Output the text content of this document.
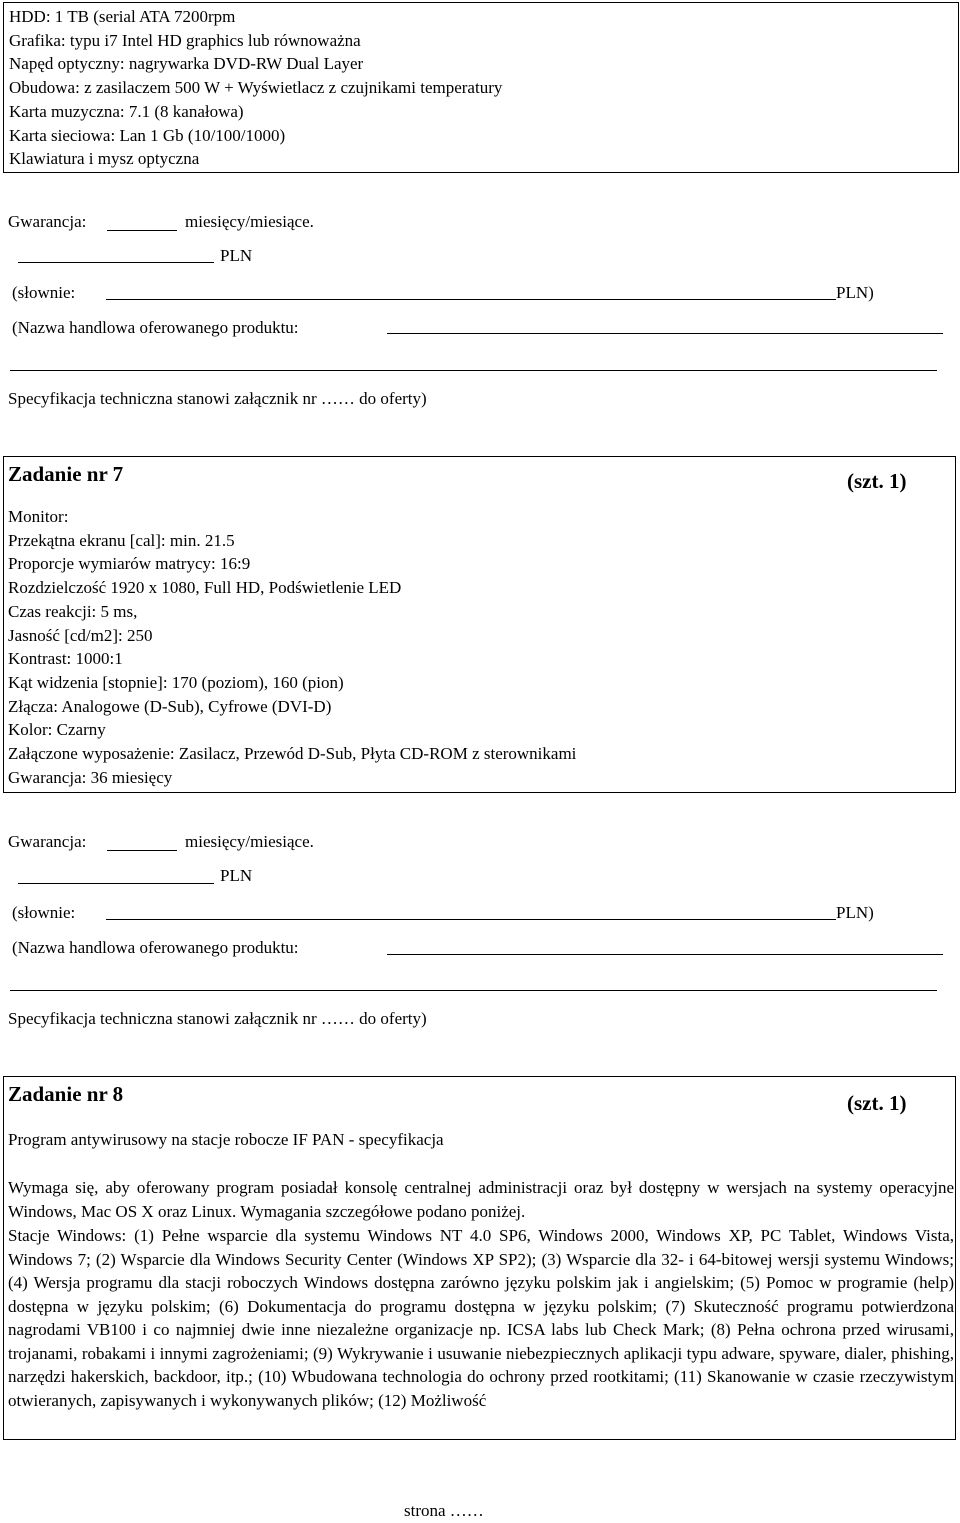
HDD: 1 TB (serial ATA 7200rpm
Grafika: typu i7 Intel HD graphics lub równoważna
Napęd optyczny: nagrywarka DVD-RW Dual Layer
Obudowa: z zasilaczem 500 W + Wyświetlacz z czujnikami temperatury
Karta muzyczna: 7.1 (8 kanałowa)
Karta sieciowa: Lan 1 Gb (10/100/1000)
Klawiatura i mysz optyczna
Gwarancja:	miesięcy/miesiące.
PLN
(słownie:	PLN)
(Nazwa handlowa oferowanego produktu:
Specyfikacja techniczna stanowi załącznik nr …… do oferty)
Zadanie nr 7	(szt. 1)
Monitor:
Przekątna ekranu [cal]: min. 21.5
Proporcje wymiarów matrycy: 16:9
Rozdzielczość 1920 x 1080, Full HD, Podświetlenie LED
Czas reakcji: 5 ms,
Jasność [cd/m2]: 250
Kontrast: 1000:1
Kąt widzenia [stopnie]: 170 (poziom), 160 (pion)
Złącza: Analogowe (D-Sub), Cyfrowe (DVI-D)
Kolor: Czarny
Załączone wyposażenie: Zasilacz, Przewód D-Sub, Płyta CD-ROM z sterownikami
Gwarancja: 36 miesięcy
Gwarancja:	miesięcy/miesiące.
PLN
(słownie:	PLN)
(Nazwa handlowa oferowanego produktu:
Specyfikacja techniczna stanowi załącznik nr …… do oferty)
Zadanie nr 8	(szt. 1)
Program antywirusowy na stacje robocze IF PAN - specyfikacja
Wymaga się, aby oferowany program posiadał konsolę centralnej administracji oraz był dostępny w wersjach na systemy operacyjne Windows, Mac OS X oraz Linux. Wymagania szczegółowe podano poniżej.
Stacje Windows: (1) Pełne wsparcie dla systemu Windows NT 4.0 SP6, Windows 2000, Windows XP, PC Tablet, Windows Vista, Windows 7; (2) Wsparcie dla Windows Security Center (Windows XP SP2); (3) Wsparcie dla 32- i 64-bitowej wersji systemu Windows; (4) Wersja programu dla stacji roboczych Windows dostępna zarówno języku polskim jak i angielskim; (5) Pomoc w programie (help) dostępna w języku polskim; (6) Dokumentacja do programu dostępna w języku polskim; (7) Skuteczność programu potwierdzona nagrodami VB100 i co najmniej dwie inne niezależne organizacje np. ICSA labs lub Check Mark; (8) Pełna ochrona przed wirusami, trojanami, robakami i innymi zagrożeniami; (9) Wykrywanie i usuwanie niebezpiecznych aplikacji typu adware, spyware, dialer, phishing, narzędzi hakerskich, backdoor, itp.; (10) Wbudowana technologia do ochrony przed rootkitami; (11) Skanowanie w czasie rzeczywistym otwieranych, zapisywanych i wykonywanych plików; (12) Możliwość
strona ……
